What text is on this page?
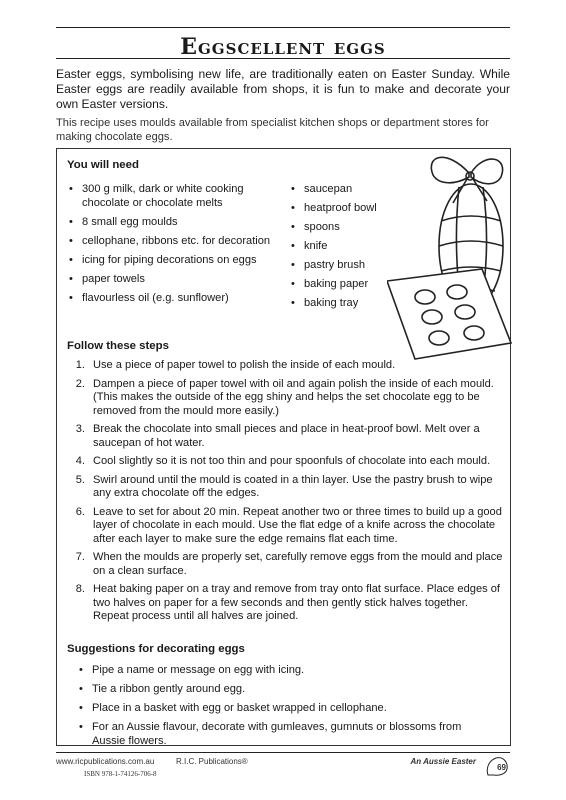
Eggscellent eggs

Easter eggs, symbolising new life, are traditionally eaten on Easter Sunday. While Easter eggs are readily available from shops, it is fun to make and decorate your own Easter versions.

This recipe uses moulds available from specialist kitchen shops or department stores for making chocolate eggs.

You will need
• 300 g milk, dark or white cooking chocolate or chocolate melts
• 8 small egg moulds
• cellophane, ribbons etc. for decoration
• icing for piping decorations on eggs
• paper towels
• flavourless oil (e.g. sunflower)
• saucepan
• heatproof bowl
• spoons
• knife
• pastry brush
• baking paper
• baking tray
Follow these steps
1. Use a piece of paper towel to polish the inside of each mould.
2. Dampen a piece of paper towel with oil and again polish the inside of each mould. (This makes the outside of the egg shiny and helps the set chocolate egg to be removed from the mould more easily.)
3. Break the chocolate into small pieces and place in heat-proof bowl. Melt over a saucepan of hot water.
4. Cool slightly so it is not too thin and pour spoonfuls of chocolate into each mould.
5. Swirl around until the mould is coated in a thin layer. Use the pastry brush to wipe any extra chocolate off the edges.
6. Leave to set for about 20 min. Repeat another two or three times to build up a good layer of chocolate in each mould. Use the flat edge of a knife across the chocolate after each layer to make sure the edge remains flat each time.
7. When the moulds are properly set, carefully remove eggs from the mould and place on a clean surface.
8. Heat baking paper on a tray and remove from tray onto flat surface. Place edges of two halves on paper for a few seconds and then gently stick halves together. Repeat process until all halves are joined.
Suggestions for decorating eggs
• Pipe a name or message on egg with icing.
• Tie a ribbon gently around egg.
• Place in a basket with egg or basket wrapped in cellophane.
• For an Aussie flavour, decorate with gumleaves, gumnuts or blossoms from Aussie flowers.
www.ricpublications.com.au	R.I.C. Publications®
ISBN 978-1-74126-706-8
An Aussie Easter
69
